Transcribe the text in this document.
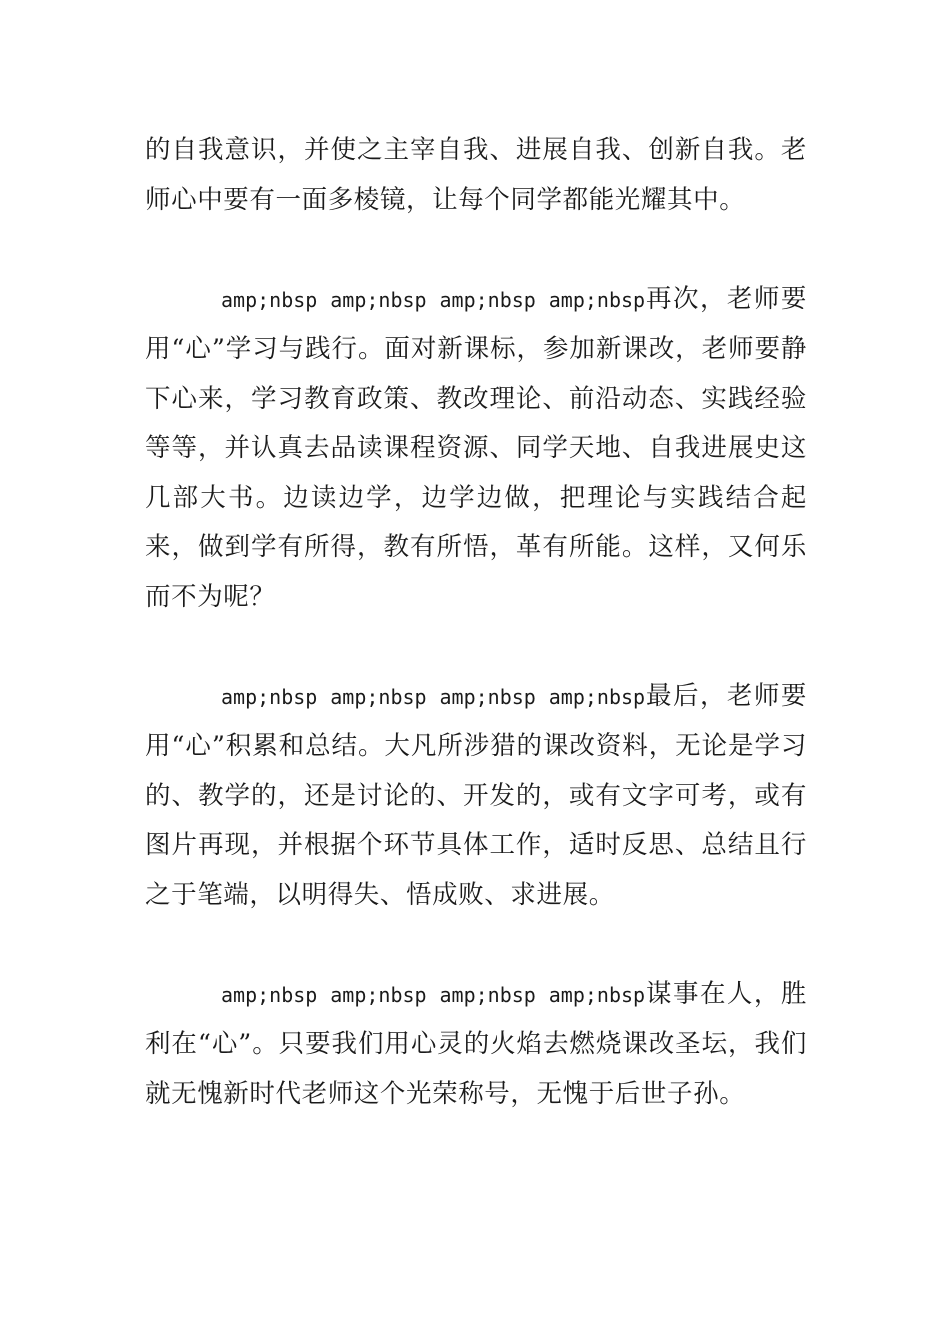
的自我意识，并使之主宰自我、进展自我、创新自我。老师心中要有一面多棱镜，让每个同学都能光耀其中。

amp;nbsp amp;nbsp amp;nbsp amp;nbsp再次，老师要用“心”学习与践行。面对新课标，参加新课改，老师要静下心来，学习教育政策、教改理论、前沿动态、实践经验等等，并认真去品读课程资源、同学天地、自我进展史这几部大书。边读边学，边学边做，把理论与实践结合起来，做到学有所得，教有所悟，革有所能。这样，又何乐而不为呢？

amp;nbsp amp;nbsp amp;nbsp amp;nbsp最后，老师要用“心”积累和总结。大凡所涉猎的课改资料，无论是学习的、教学的，还是讨论的、开发的，或有文字可考，或有图片再现，并根据个环节具体工作，适时反思、总结且行之于笔端，以明得失、悟成败、求进展。

amp;nbsp amp;nbsp amp;nbsp amp;nbsp谋事在人，胜利在“心”。只要我们用心灵的火焰去燃烧课改圣坛，我们就无愧新时代老师这个光荣称号，无愧于后世子孙。
